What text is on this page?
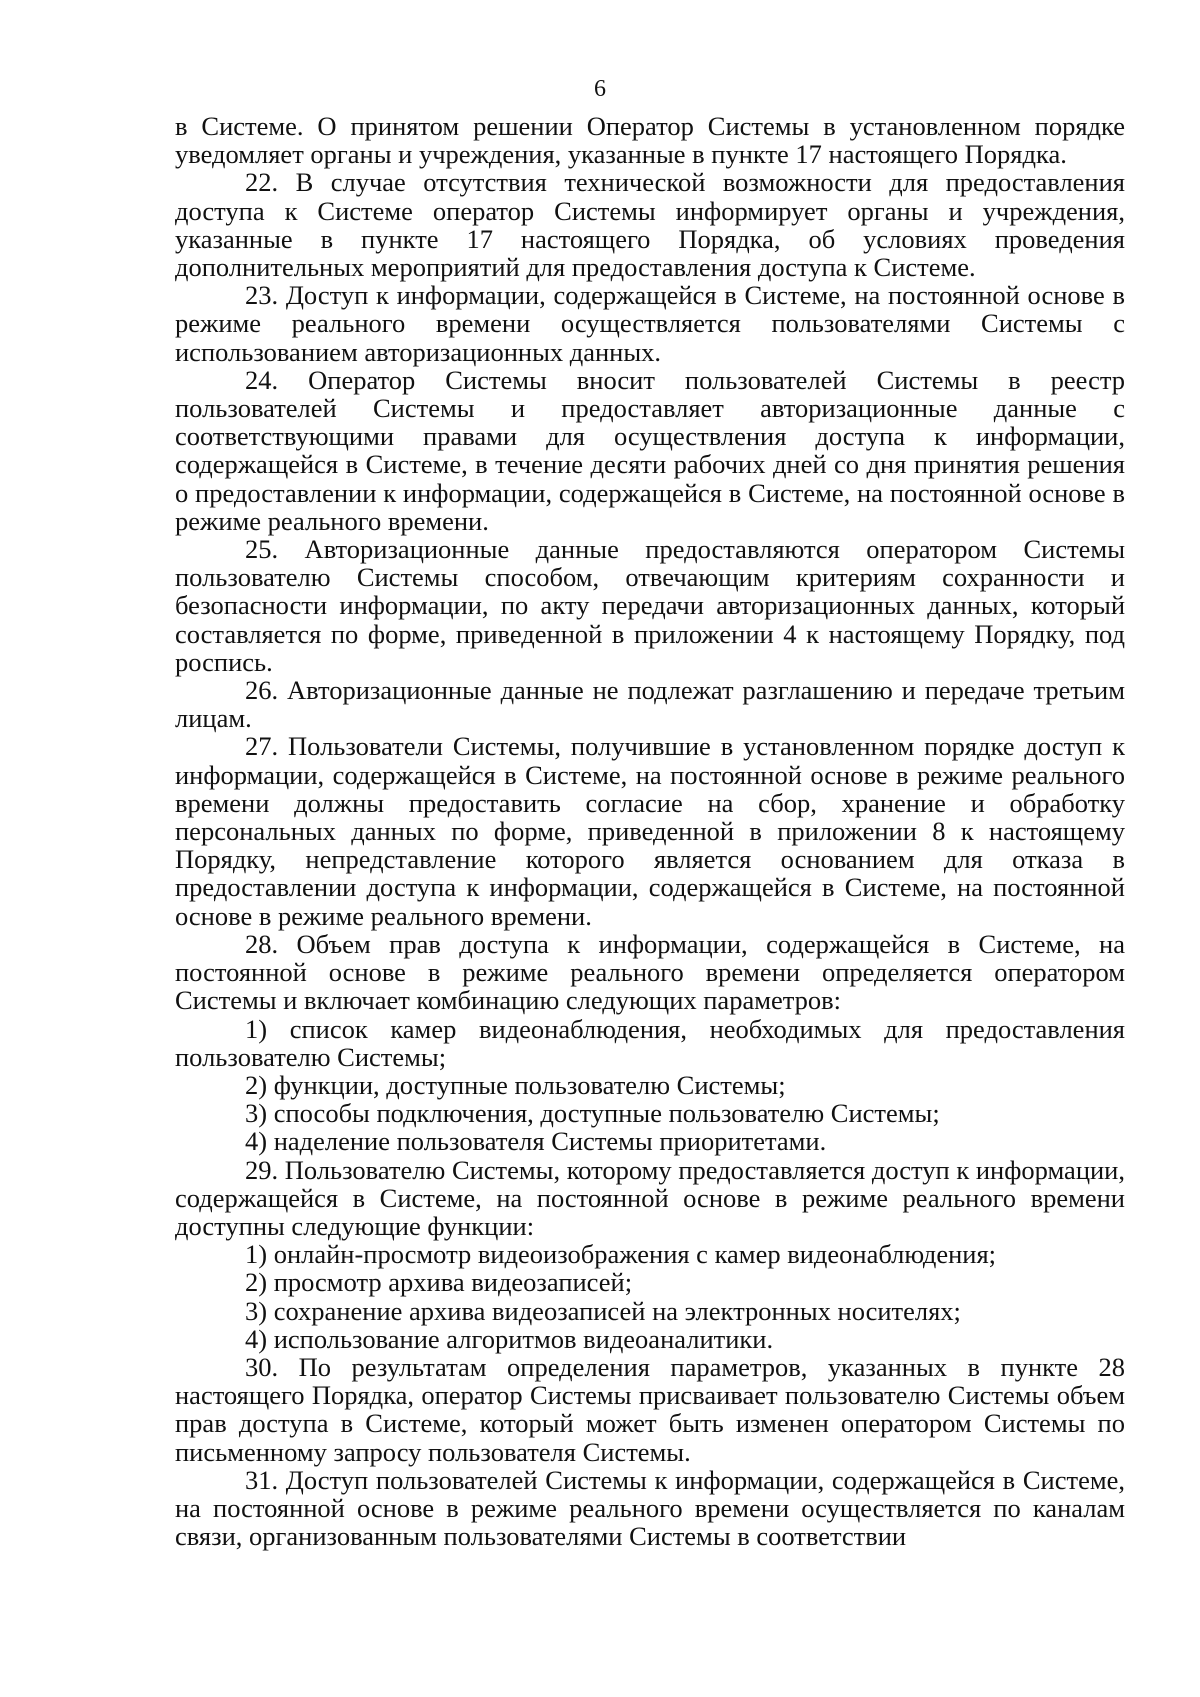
6

в Системе. О принятом решении Оператор Системы в установленном порядке уведомляет органы и учреждения, указанные в пункте 17 настоящего Порядка.

22. В случае отсутствия технической возможности для предоставления доступа к Системе оператор Системы информирует органы и учреждения, указанные в пункте 17 настоящего Порядка, об условиях проведения дополнительных мероприятий для предоставления доступа к Системе.

23. Доступ к информации, содержащейся в Системе, на постоянной основе в режиме реального времени осуществляется пользователями Системы с использованием авторизационных данных.

24. Оператор Системы вносит пользователей Системы в реестр пользователей Системы и предоставляет авторизационные данные с соответствующими правами для осуществления доступа к информации, содержащейся в Системе, в течение десяти рабочих дней со дня принятия решения о предоставлении к информации, содержащейся в Системе, на постоянной основе в режиме реального времени.

25. Авторизационные данные предоставляются оператором Системы пользователю Системы способом, отвечающим критериям сохранности и безопасности информации, по акту передачи авторизационных данных, который составляется по форме, приведенной в приложении 4 к настоящему Порядку, под роспись.

26. Авторизационные данные не подлежат разглашению и передаче третьим лицам.

27. Пользователи Системы, получившие в установленном порядке доступ к информации, содержащейся в Системе, на постоянной основе в режиме реального времени должны предоставить согласие на сбор, хранение и обработку персональных данных по форме, приведенной в приложении 8 к настоящему Порядку, непредставление которого является основанием для отказа в предоставлении доступа к информации, содержащейся в Системе, на постоянной основе в режиме реального времени.

28. Объем прав доступа к информации, содержащейся в Системе, на постоянной основе в режиме реального времени определяется оператором Системы и включает комбинацию следующих параметров:

1) список камер видеонаблюдения, необходимых для предоставления пользователю Системы;

2) функции, доступные пользователю Системы;

3) способы подключения, доступные пользователю Системы;

4) наделение пользователя Системы приоритетами.

29. Пользователю Системы, которому предоставляется доступ к информации, содержащейся в Системе, на постоянной основе в режиме реального времени доступны следующие функции:

1) онлайн-просмотр видеоизображения с камер видеонаблюдения;

2) просмотр архива видеозаписей;

3) сохранение архива видеозаписей на электронных носителях;

4) использование алгоритмов видеоаналитики.

30. По результатам определения параметров, указанных в пункте 28 настоящего Порядка, оператор Системы присваивает пользователю Системы объем прав доступа в Системе, который может быть изменен оператором Системы по письменному запросу пользователя Системы.

31. Доступ пользователей Системы к информации, содержащейся в Системе, на постоянной основе в режиме реального времени осуществляется по каналам связи, организованным пользователями Системы в соответствии
